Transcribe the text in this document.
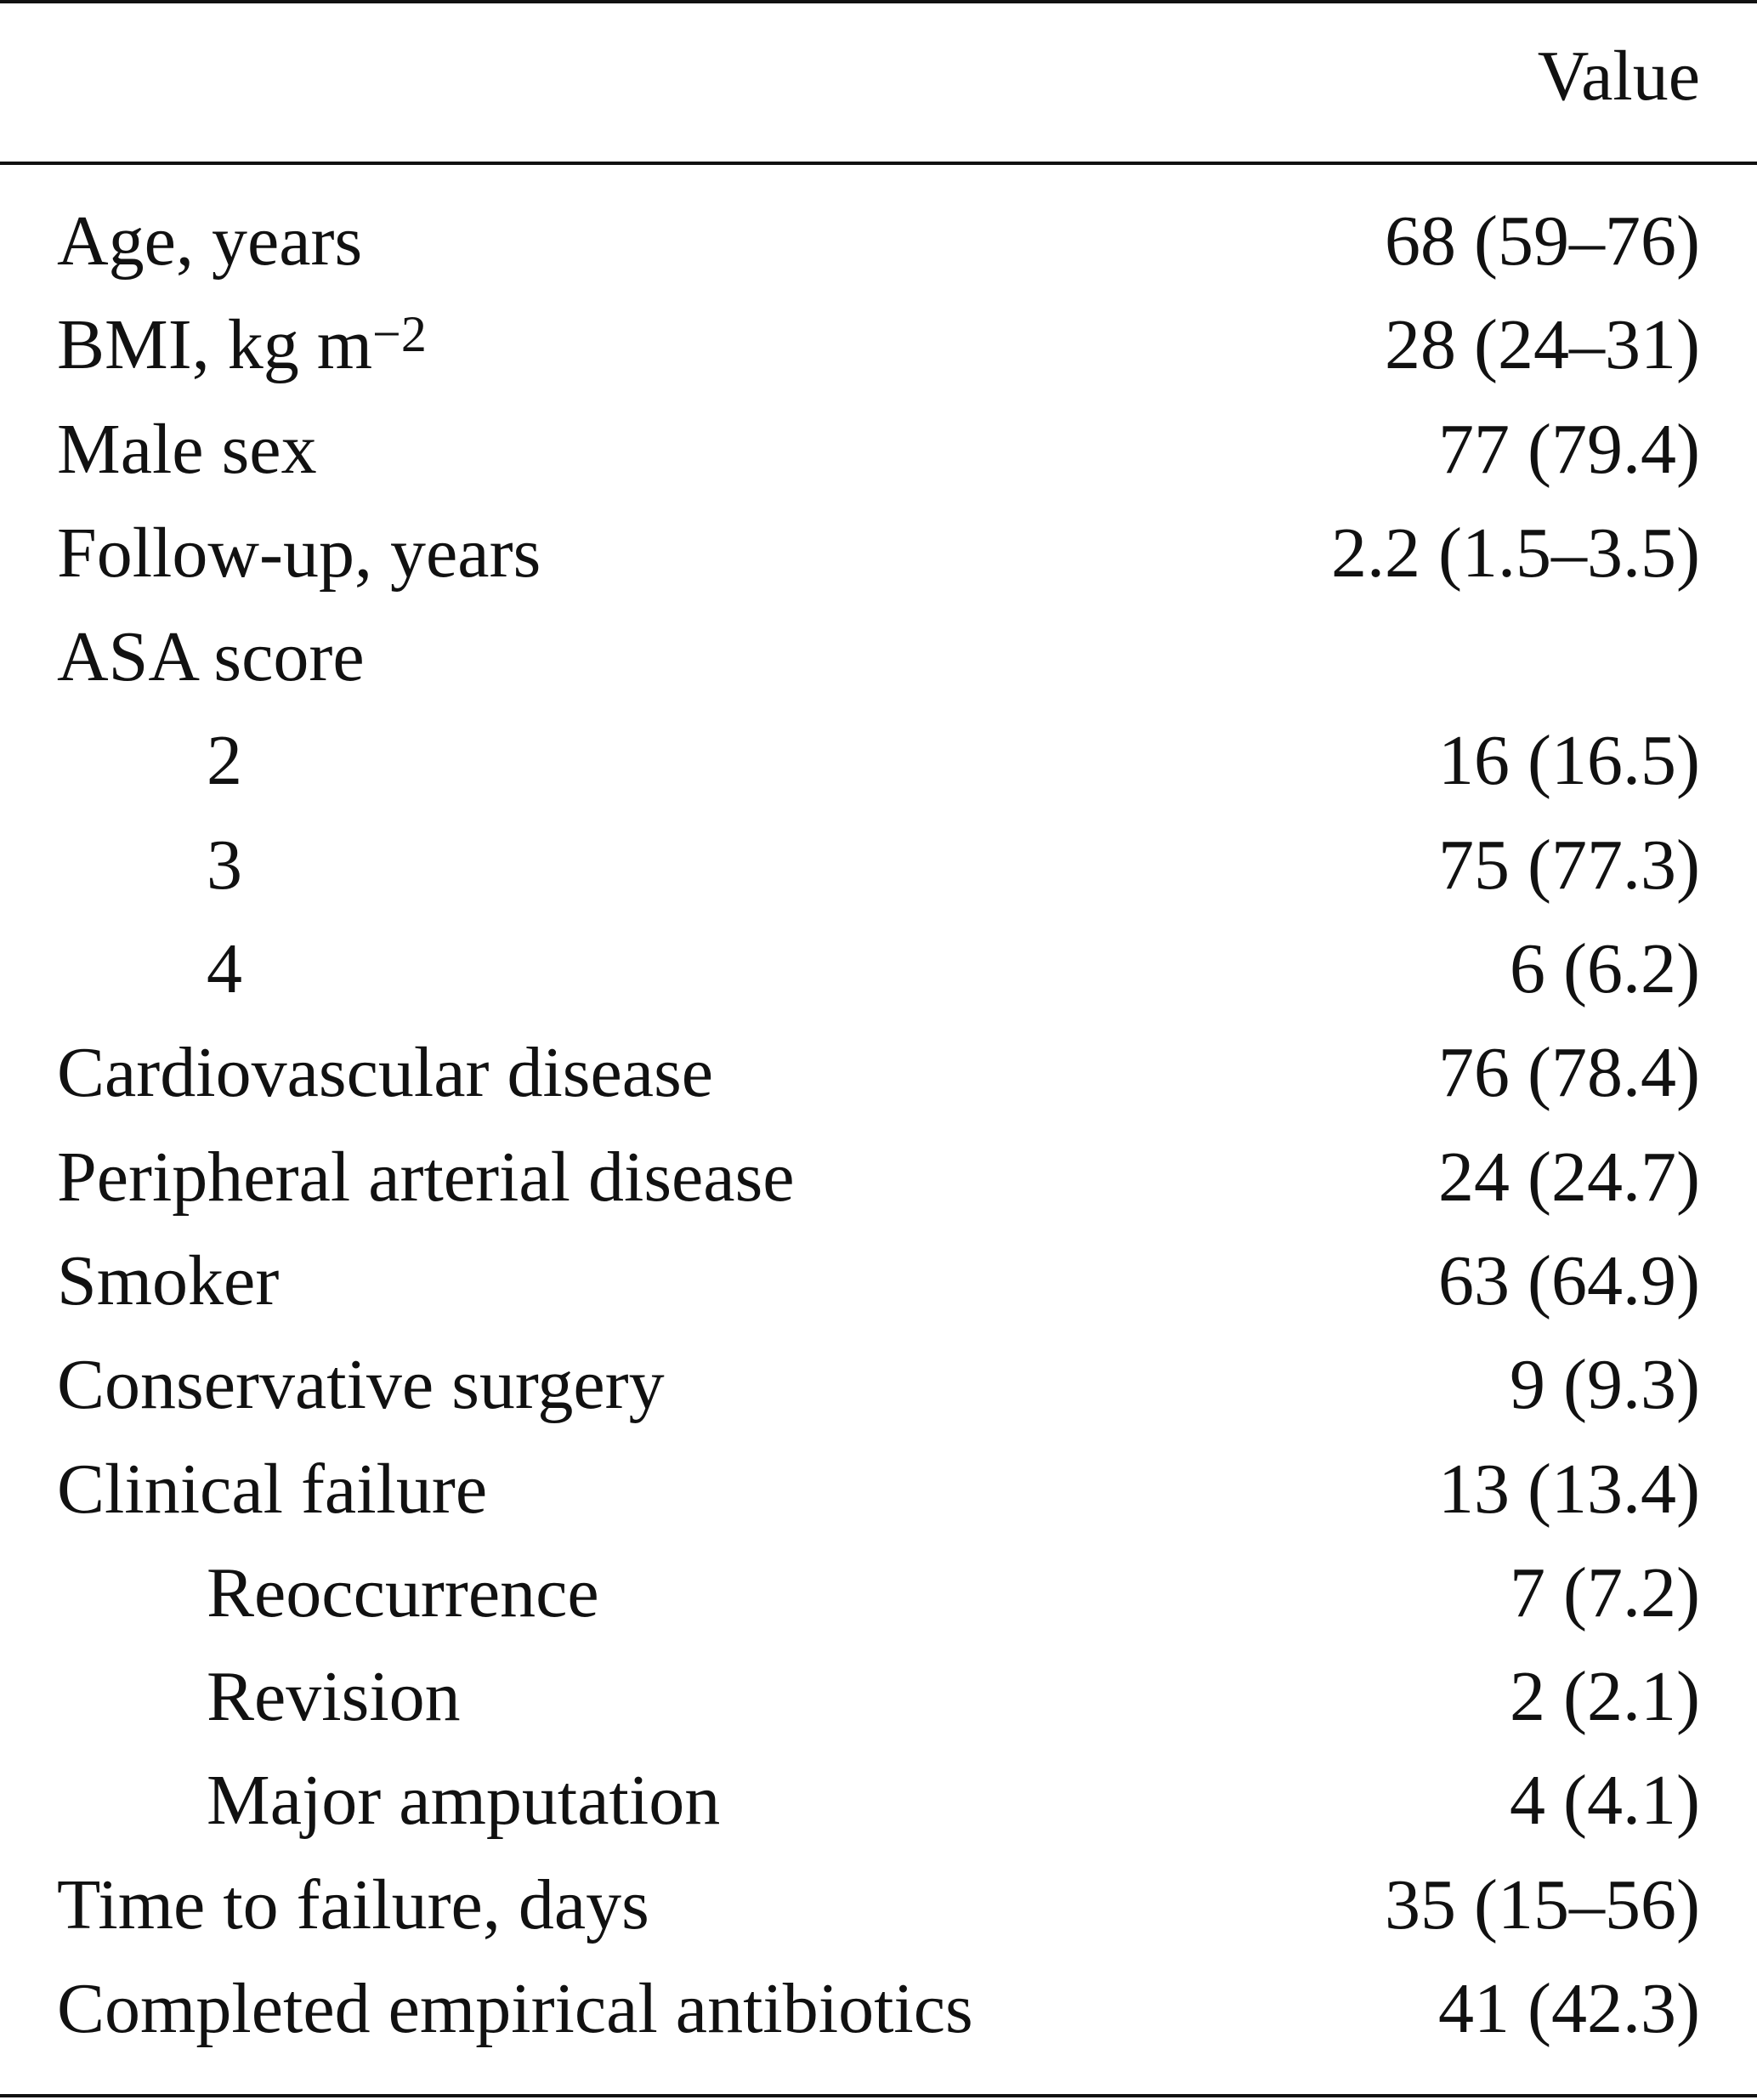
Value
Age, years	68 (59–76)
BMI, kg $m^{-2}$	28 (24–31)
Male sex	77 (79.4)
Follow-up, years	2.2 (1.5–3.5)
ASA score
2	16 (16.5)
3	75 (77.3)
4	6 (6.2)
Cardiovascular disease	76 (78.4)
Peripheral arterial disease	24 (24.7)
Smoker	63 (64.9)
Conservative surgery	9 (9.3)
Clinical failure	13 (13.4)
Reoccurrence	7 (7.2)
Revision	2 (2.1)
Major amputation	4 (4.1)
Time to failure, days	35 (15–56)
Completed empirical antibiotics	41 (42.3)
